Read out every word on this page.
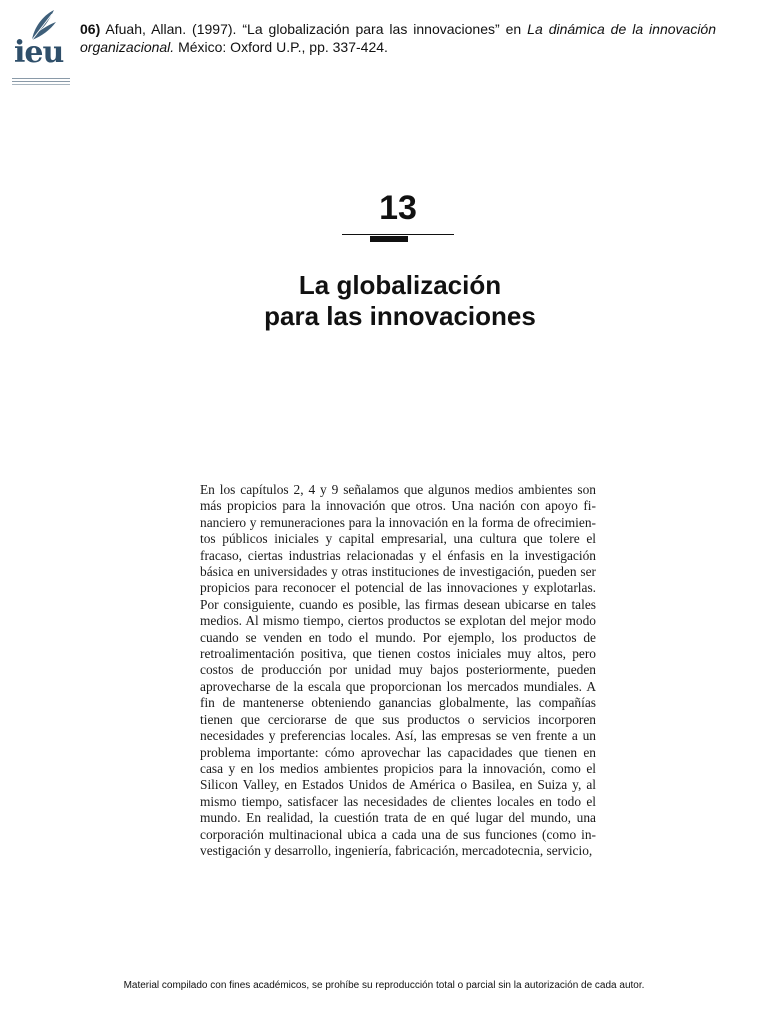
ieu
06) Afuah, Allan. (1997). “La globalización para las innovaciones” en La dinámica de la innovación organizacional. México: Oxford U.P., pp. 337-424.
13
La globalización
para las innovaciones
En los capítulos 2, 4 y 9 señalamos que algunos medios ambientes son más propicios para la innovación que otros. Una nación con apoyo financiero y remuneraciones para la innovación en la forma de ofrecimientos públicos iniciales y capital empresarial, una cultura que tolere el fracaso, ciertas industrias relacionadas y el énfasis en la investigación básica en universidades y otras instituciones de investigación, pueden ser propicios para reconocer el potencial de las innovaciones y explotarlas. Por consiguiente, cuando es posible, las firmas desean ubicarse en tales medios. Al mismo tiempo, ciertos productos se explotan del mejor modo cuando se venden en todo el mundo. Por ejemplo, los productos de retroalimentación positiva, que tienen costos iniciales muy altos, pero costos de producción por unidad muy bajos posteriormente, pueden aprovecharse de la escala que proporcionan los mercados mundiales. A fin de mantenerse obteniendo ganancias globalmente, las compañías tienen que cerciorarse de que sus productos o servicios incorporen necesidades y preferencias locales. Así, las empresas se ven frente a un problema importante: cómo aprovechar las capacidades que tienen en casa y en los medios ambientes propicios para la innovación, como el Silicon Valley, en Estados Unidos de América o Basilea, en Suiza y, al mismo tiempo, satisfacer las necesidades de clientes locales en todo el mundo. En realidad, la cuestión trata de en qué lugar del mundo, una corporación multinacional ubica a cada una de sus funciones (como investigación y desarrollo, ingeniería, fabricación, mercadotecnia, servicio,
Material compilado con fines académicos, se prohíbe su reproducción total o parcial sin la autorización de cada autor.
